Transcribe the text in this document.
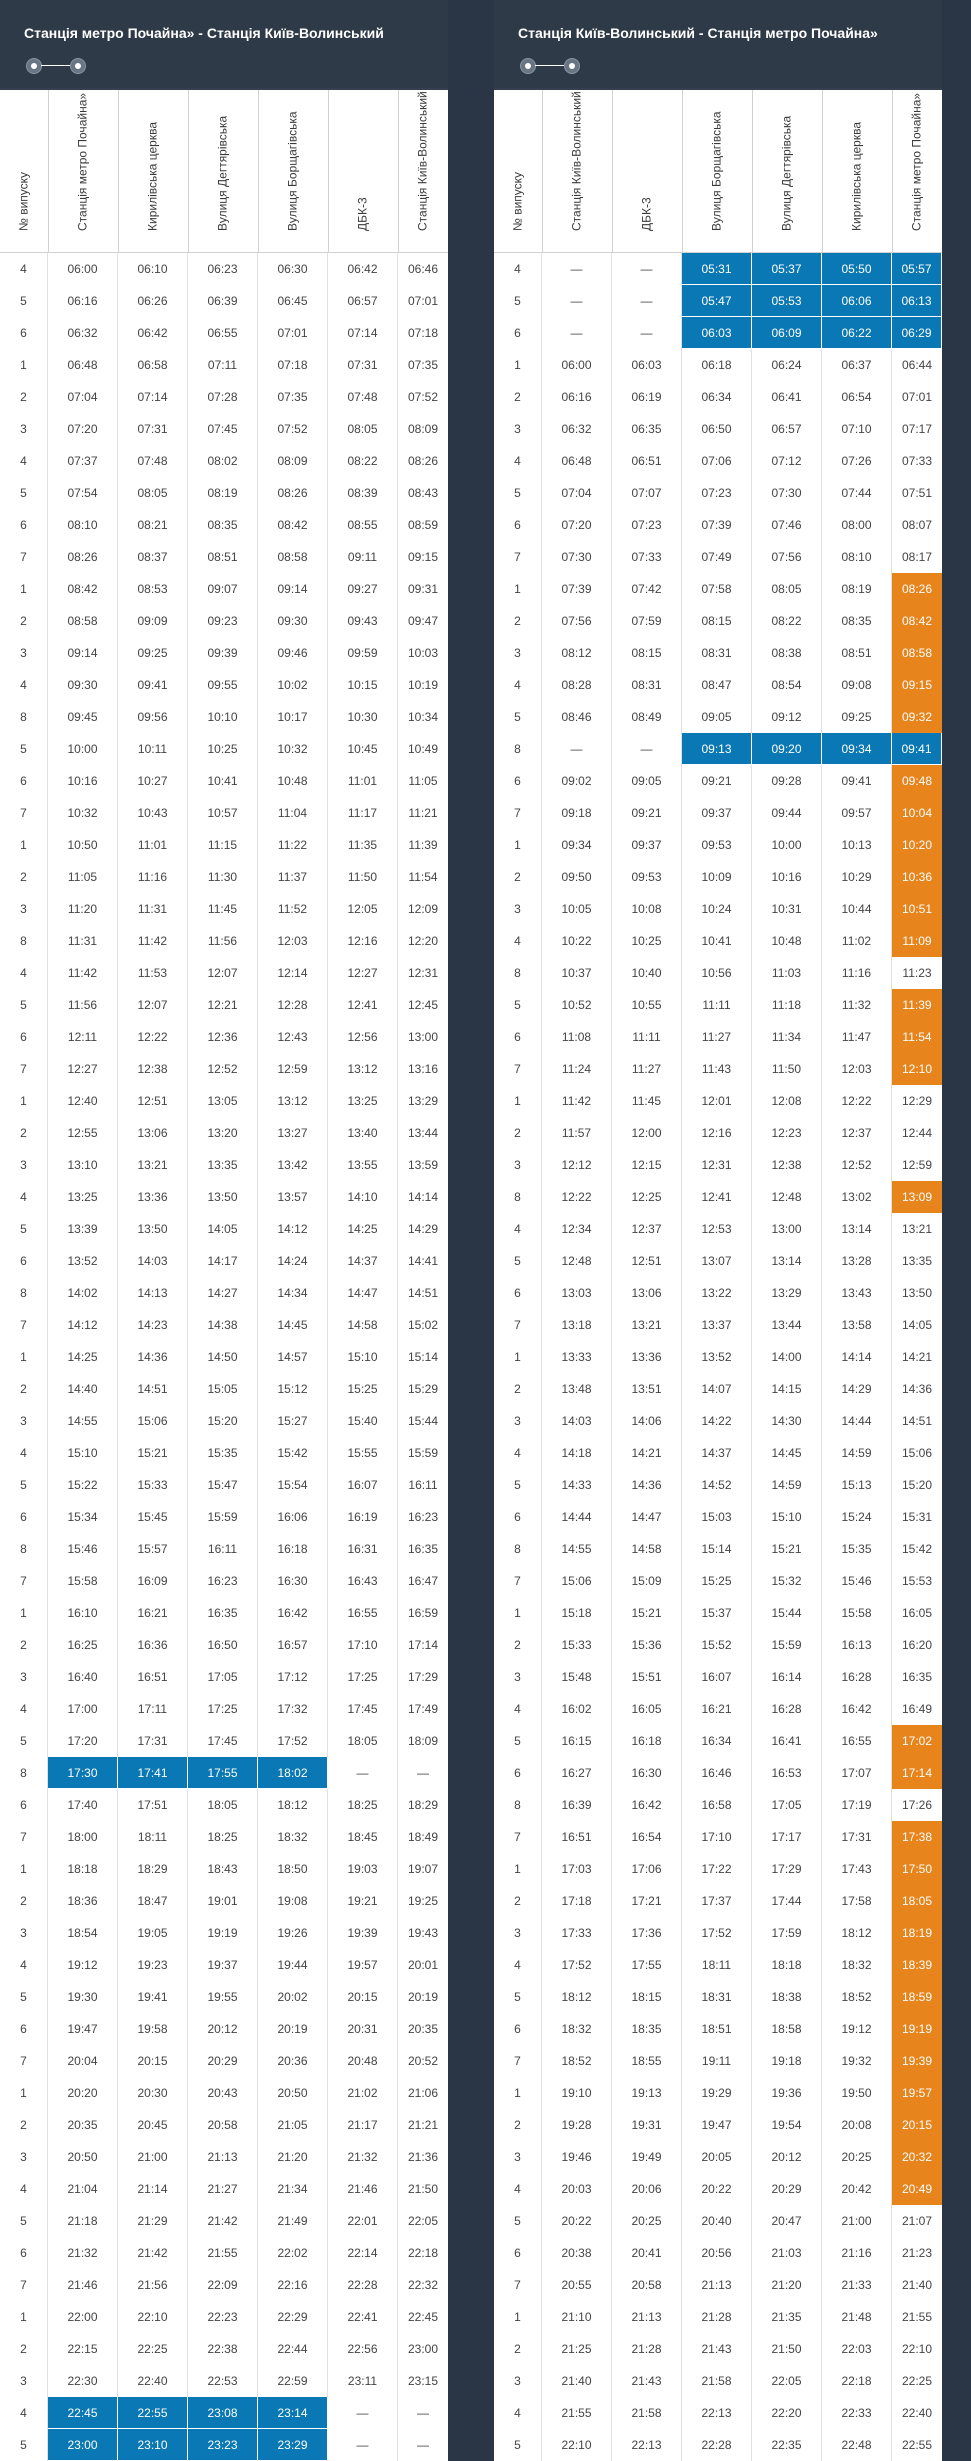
Станція метро Почайна» - Станція Київ-Волинський
№ випуску	Станція метро Почайна»	Кирилівська церква	Вулиця Дегтярівська	Вулиця Борщагівська	ДБК-3	Станція Київ-Волинський
4	06:00	06:10	06:23	06:30	06:42	06:46
5	06:16	06:26	06:39	06:45	06:57	07:01
6	06:32	06:42	06:55	07:01	07:14	07:18
1	06:48	06:58	07:11	07:18	07:31	07:35
2	07:04	07:14	07:28	07:35	07:48	07:52
3	07:20	07:31	07:45	07:52	08:05	08:09
4	07:37	07:48	08:02	08:09	08:22	08:26
5	07:54	08:05	08:19	08:26	08:39	08:43
6	08:10	08:21	08:35	08:42	08:55	08:59
7	08:26	08:37	08:51	08:58	09:11	09:15
1	08:42	08:53	09:07	09:14	09:27	09:31
2	08:58	09:09	09:23	09:30	09:43	09:47
3	09:14	09:25	09:39	09:46	09:59	10:03
4	09:30	09:41	09:55	10:02	10:15	10:19
8	09:45	09:56	10:10	10:17	10:30	10:34
5	10:00	10:11	10:25	10:32	10:45	10:49
6	10:16	10:27	10:41	10:48	11:01	11:05
7	10:32	10:43	10:57	11:04	11:17	11:21
1	10:50	11:01	11:15	11:22	11:35	11:39
2	11:05	11:16	11:30	11:37	11:50	11:54
3	11:20	11:31	11:45	11:52	12:05	12:09
8	11:31	11:42	11:56	12:03	12:16	12:20
4	11:42	11:53	12:07	12:14	12:27	12:31
5	11:56	12:07	12:21	12:28	12:41	12:45
6	12:11	12:22	12:36	12:43	12:56	13:00
7	12:27	12:38	12:52	12:59	13:12	13:16
1	12:40	12:51	13:05	13:12	13:25	13:29
2	12:55	13:06	13:20	13:27	13:40	13:44
3	13:10	13:21	13:35	13:42	13:55	13:59
4	13:25	13:36	13:50	13:57	14:10	14:14
5	13:39	13:50	14:05	14:12	14:25	14:29
6	13:52	14:03	14:17	14:24	14:37	14:41
8	14:02	14:13	14:27	14:34	14:47	14:51
7	14:12	14:23	14:38	14:45	14:58	15:02
1	14:25	14:36	14:50	14:57	15:10	15:14
2	14:40	14:51	15:05	15:12	15:25	15:29
3	14:55	15:06	15:20	15:27	15:40	15:44
4	15:10	15:21	15:35	15:42	15:55	15:59
5	15:22	15:33	15:47	15:54	16:07	16:11
6	15:34	15:45	15:59	16:06	16:19	16:23
8	15:46	15:57	16:11	16:18	16:31	16:35
7	15:58	16:09	16:23	16:30	16:43	16:47
1	16:10	16:21	16:35	16:42	16:55	16:59
2	16:25	16:36	16:50	16:57	17:10	17:14
3	16:40	16:51	17:05	17:12	17:25	17:29
4	17:00	17:11	17:25	17:32	17:45	17:49
5	17:20	17:31	17:45	17:52	18:05	18:09
8	17:30	17:41	17:55	18:02	—	—
6	17:40	17:51	18:05	18:12	18:25	18:29
7	18:00	18:11	18:25	18:32	18:45	18:49
1	18:18	18:29	18:43	18:50	19:03	19:07
2	18:36	18:47	19:01	19:08	19:21	19:25
3	18:54	19:05	19:19	19:26	19:39	19:43
4	19:12	19:23	19:37	19:44	19:57	20:01
5	19:30	19:41	19:55	20:02	20:15	20:19
6	19:47	19:58	20:12	20:19	20:31	20:35
7	20:04	20:15	20:29	20:36	20:48	20:52
1	20:20	20:30	20:43	20:50	21:02	21:06
2	20:35	20:45	20:58	21:05	21:17	21:21
3	20:50	21:00	21:13	21:20	21:32	21:36
4	21:04	21:14	21:27	21:34	21:46	21:50
5	21:18	21:29	21:42	21:49	22:01	22:05
6	21:32	21:42	21:55	22:02	22:14	22:18
7	21:46	21:56	22:09	22:16	22:28	22:32
1	22:00	22:10	22:23	22:29	22:41	22:45
2	22:15	22:25	22:38	22:44	22:56	23:00
3	22:30	22:40	22:53	22:59	23:11	23:15
4	22:45	22:55	23:08	23:14	—	—
5	23:00	23:10	23:23	23:29	—	—
Станція Київ-Волинський - Станція метро Почайна»
№ випуску	Станція Київ-Волинський	ДБК-3	Вулиця Борщагівська	Вулиця Дегтярівська	Кирилівська церква	Станція метро Почайна»
4	—	—	05:31	05:37	05:50	05:57
5	—	—	05:47	05:53	06:06	06:13
6	—	—	06:03	06:09	06:22	06:29
1	06:00	06:03	06:18	06:24	06:37	06:44
2	06:16	06:19	06:34	06:41	06:54	07:01
3	06:32	06:35	06:50	06:57	07:10	07:17
4	06:48	06:51	07:06	07:12	07:26	07:33
5	07:04	07:07	07:23	07:30	07:44	07:51
6	07:20	07:23	07:39	07:46	08:00	08:07
7	07:30	07:33	07:49	07:56	08:10	08:17
1	07:39	07:42	07:58	08:05	08:19	08:26
2	07:56	07:59	08:15	08:22	08:35	08:42
3	08:12	08:15	08:31	08:38	08:51	08:58
4	08:28	08:31	08:47	08:54	09:08	09:15
5	08:46	08:49	09:05	09:12	09:25	09:32
8	—	—	09:13	09:20	09:34	09:41
6	09:02	09:05	09:21	09:28	09:41	09:48
7	09:18	09:21	09:37	09:44	09:57	10:04
1	09:34	09:37	09:53	10:00	10:13	10:20
2	09:50	09:53	10:09	10:16	10:29	10:36
3	10:05	10:08	10:24	10:31	10:44	10:51
4	10:22	10:25	10:41	10:48	11:02	11:09
8	10:37	10:40	10:56	11:03	11:16	11:23
5	10:52	10:55	11:11	11:18	11:32	11:39
6	11:08	11:11	11:27	11:34	11:47	11:54
7	11:24	11:27	11:43	11:50	12:03	12:10
1	11:42	11:45	12:01	12:08	12:22	12:29
2	11:57	12:00	12:16	12:23	12:37	12:44
3	12:12	12:15	12:31	12:38	12:52	12:59
8	12:22	12:25	12:41	12:48	13:02	13:09
4	12:34	12:37	12:53	13:00	13:14	13:21
5	12:48	12:51	13:07	13:14	13:28	13:35
6	13:03	13:06	13:22	13:29	13:43	13:50
7	13:18	13:21	13:37	13:44	13:58	14:05
1	13:33	13:36	13:52	14:00	14:14	14:21
2	13:48	13:51	14:07	14:15	14:29	14:36
3	14:03	14:06	14:22	14:30	14:44	14:51
4	14:18	14:21	14:37	14:45	14:59	15:06
5	14:33	14:36	14:52	14:59	15:13	15:20
6	14:44	14:47	15:03	15:10	15:24	15:31
8	14:55	14:58	15:14	15:21	15:35	15:42
7	15:06	15:09	15:25	15:32	15:46	15:53
1	15:18	15:21	15:37	15:44	15:58	16:05
2	15:33	15:36	15:52	15:59	16:13	16:20
3	15:48	15:51	16:07	16:14	16:28	16:35
4	16:02	16:05	16:21	16:28	16:42	16:49
5	16:15	16:18	16:34	16:41	16:55	17:02
6	16:27	16:30	16:46	16:53	17:07	17:14
8	16:39	16:42	16:58	17:05	17:19	17:26
7	16:51	16:54	17:10	17:17	17:31	17:38
1	17:03	17:06	17:22	17:29	17:43	17:50
2	17:18	17:21	17:37	17:44	17:58	18:05
3	17:33	17:36	17:52	17:59	18:12	18:19
4	17:52	17:55	18:11	18:18	18:32	18:39
5	18:12	18:15	18:31	18:38	18:52	18:59
6	18:32	18:35	18:51	18:58	19:12	19:19
7	18:52	18:55	19:11	19:18	19:32	19:39
1	19:10	19:13	19:29	19:36	19:50	19:57
2	19:28	19:31	19:47	19:54	20:08	20:15
3	19:46	19:49	20:05	20:12	20:25	20:32
4	20:03	20:06	20:22	20:29	20:42	20:49
5	20:22	20:25	20:40	20:47	21:00	21:07
6	20:38	20:41	20:56	21:03	21:16	21:23
7	20:55	20:58	21:13	21:20	21:33	21:40
1	21:10	21:13	21:28	21:35	21:48	21:55
2	21:25	21:28	21:43	21:50	22:03	22:10
3	21:40	21:43	21:58	22:05	22:18	22:25
4	21:55	21:58	22:13	22:20	22:33	22:40
5	22:10	22:13	22:28	22:35	22:48	22:55
